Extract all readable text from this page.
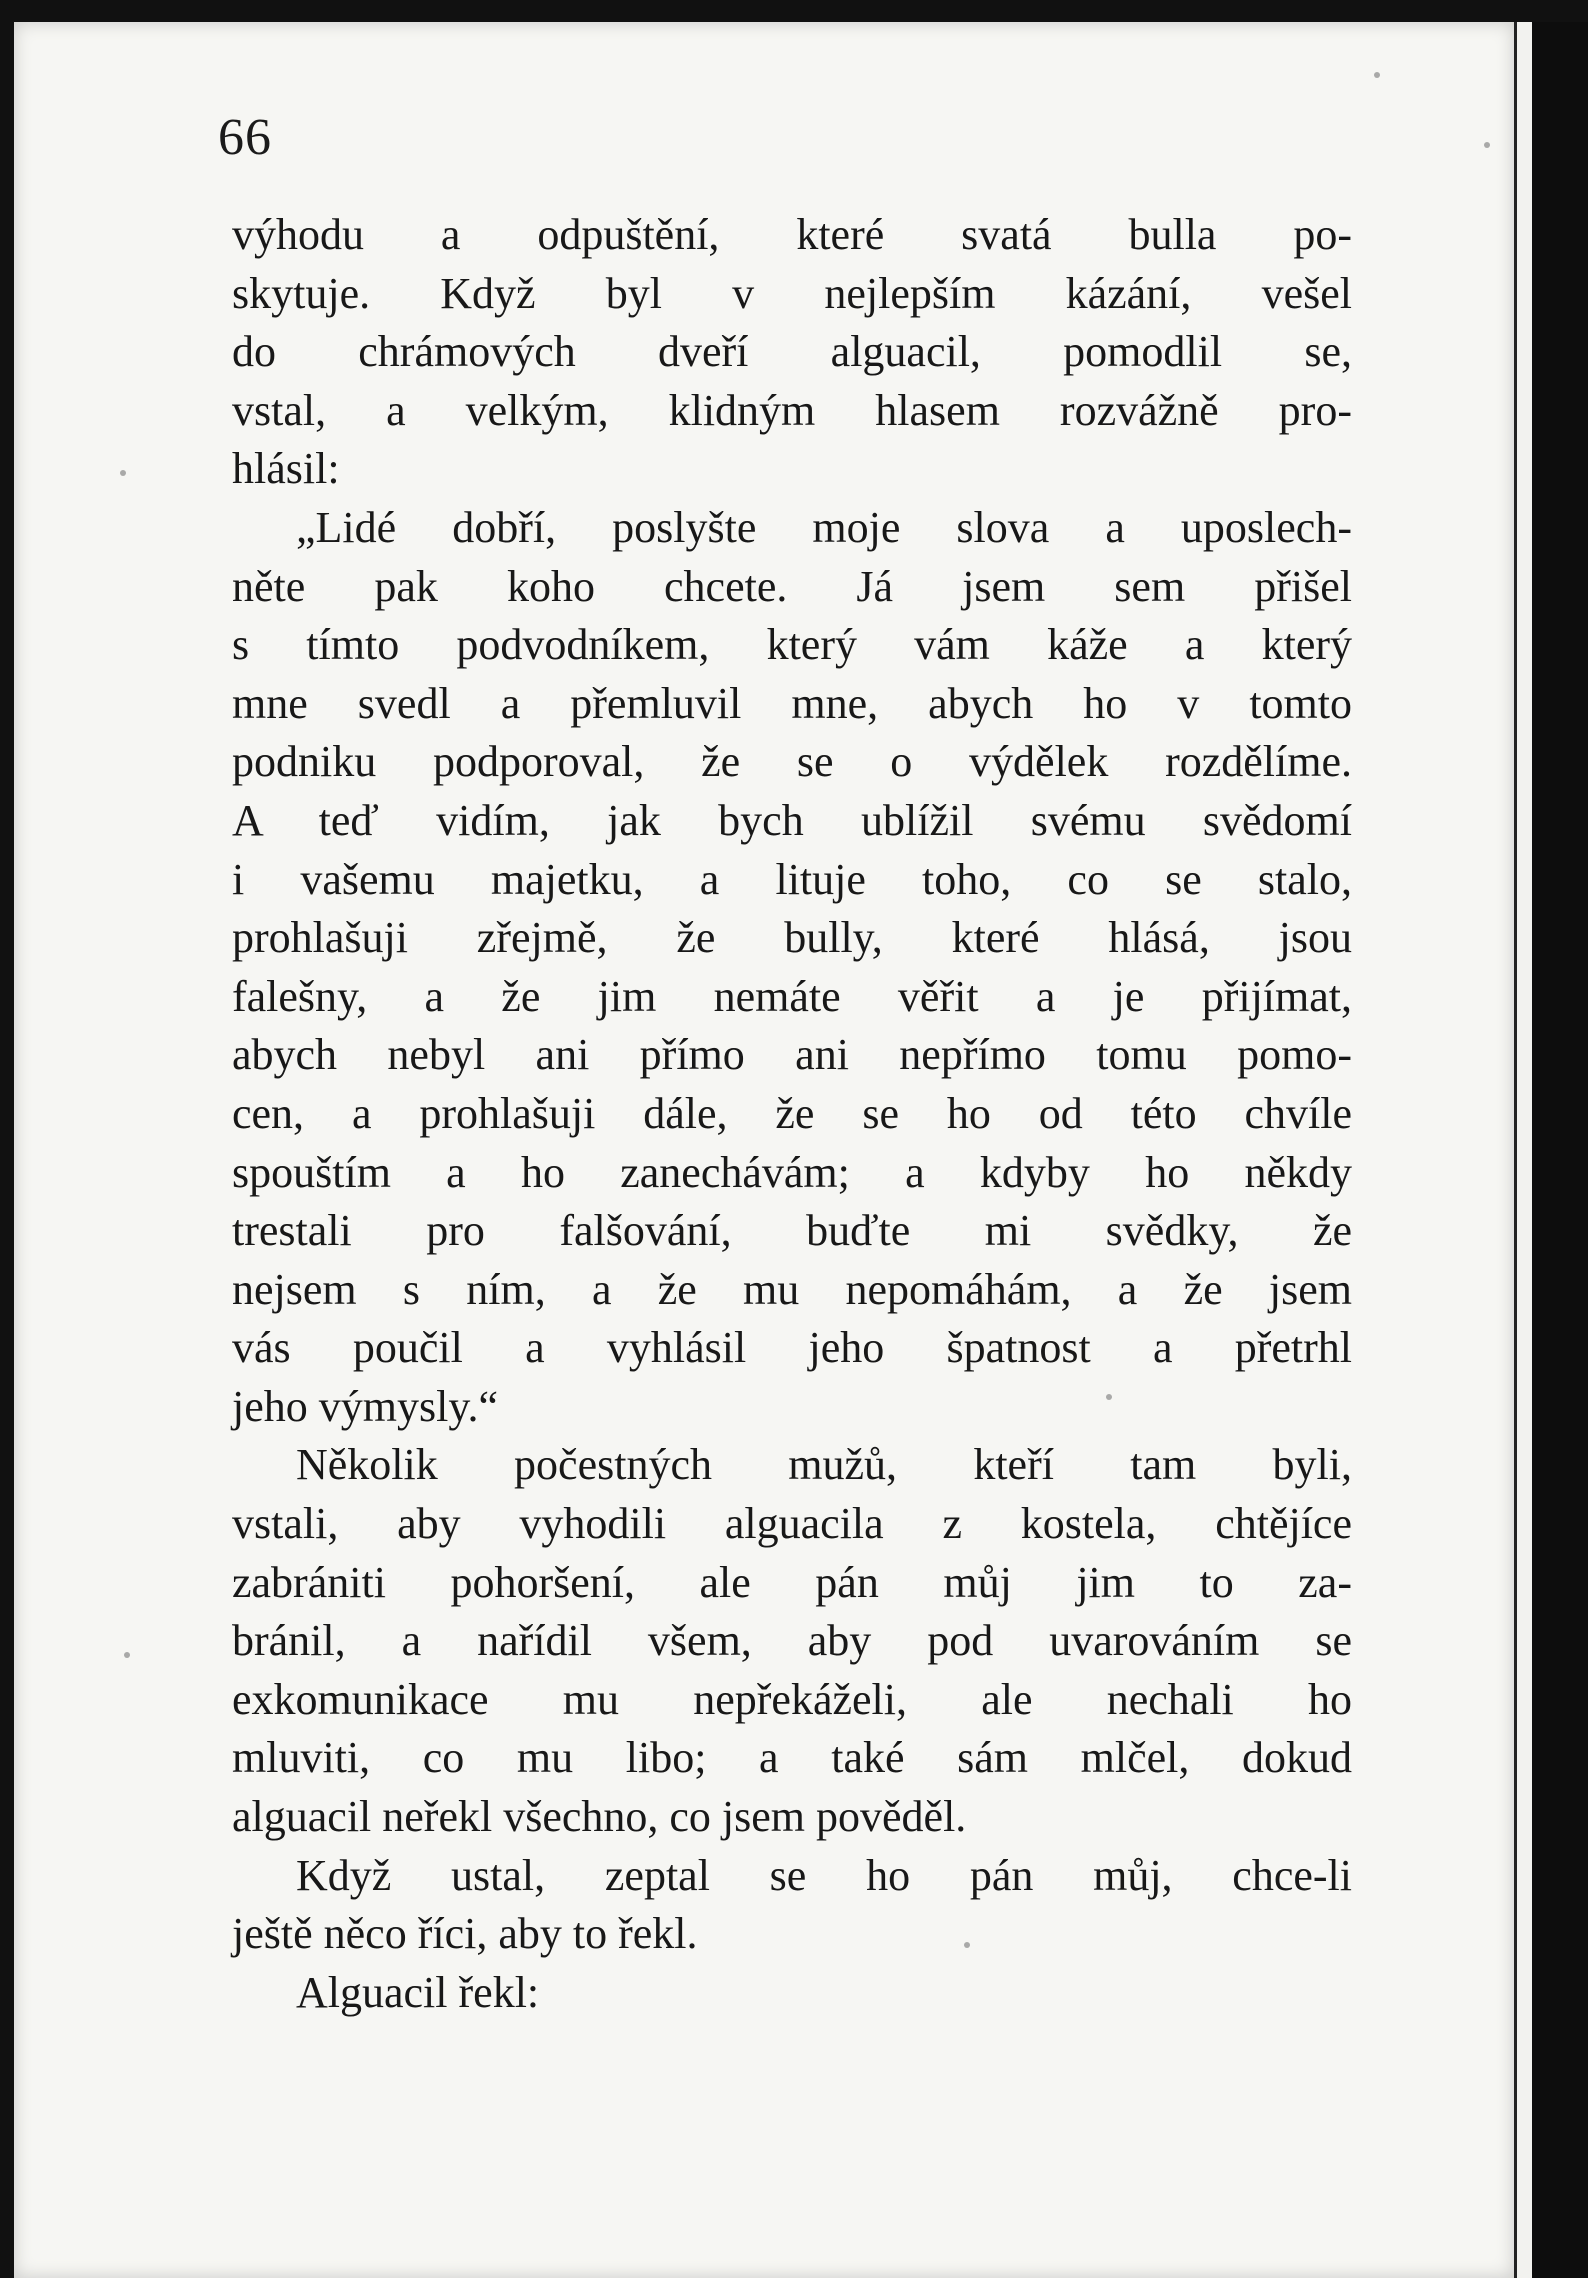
66
výhodu a odpuštění, které svatá bulla po-
skytuje. Když byl v nejlepším kázání, vešel
do chrámových dveří alguacil, pomodlil se,
vstal, a velkým, klidným hlasem rozvážně pro-
hlásil:
„Lidé dobří, poslyšte moje slova a uposlech-
něte pak koho chcete. Já jsem sem přišel
s tímto podvodníkem, který vám káže a který
mne svedl a přemluvil mne, abych ho v tomto
podniku podporoval, že se o výdělek rozdělíme.
A teď vidím, jak bych ublížil svému svědomí
i vašemu majetku, a lituje toho, co se stalo,
prohlašuji zřejmě, že bully, které hlásá, jsou
falešny, a že jim nemáte věřit a je přijímat,
abych nebyl ani přímo ani nepřímo tomu pomo-
cen, a prohlašuji dále, že se ho od této chvíle
spouštím a ho zanechávám; a kdyby ho někdy
trestali pro falšování, buďte mi svědky, že
nejsem s ním, a že mu nepomáhám, a že jsem
vás poučil a vyhlásil jeho špatnost a přetrhl
jeho výmysly.“
Několik počestných mužů, kteří tam byli,
vstali, aby vyhodili alguacila z kostela, chtějíce
zabrániti pohoršení, ale pán můj jim to za-
bránil, a nařídil všem, aby pod uvarováním se
exkomunikace mu nepřekáželi, ale nechali ho
mluviti, co mu libo; a také sám mlčel, dokud
alguacil neřekl všechno, co jsem pověděl.
Když ustal, zeptal se ho pán můj, chce-li
ještě něco říci, aby to řekl.
Alguacil řekl:
